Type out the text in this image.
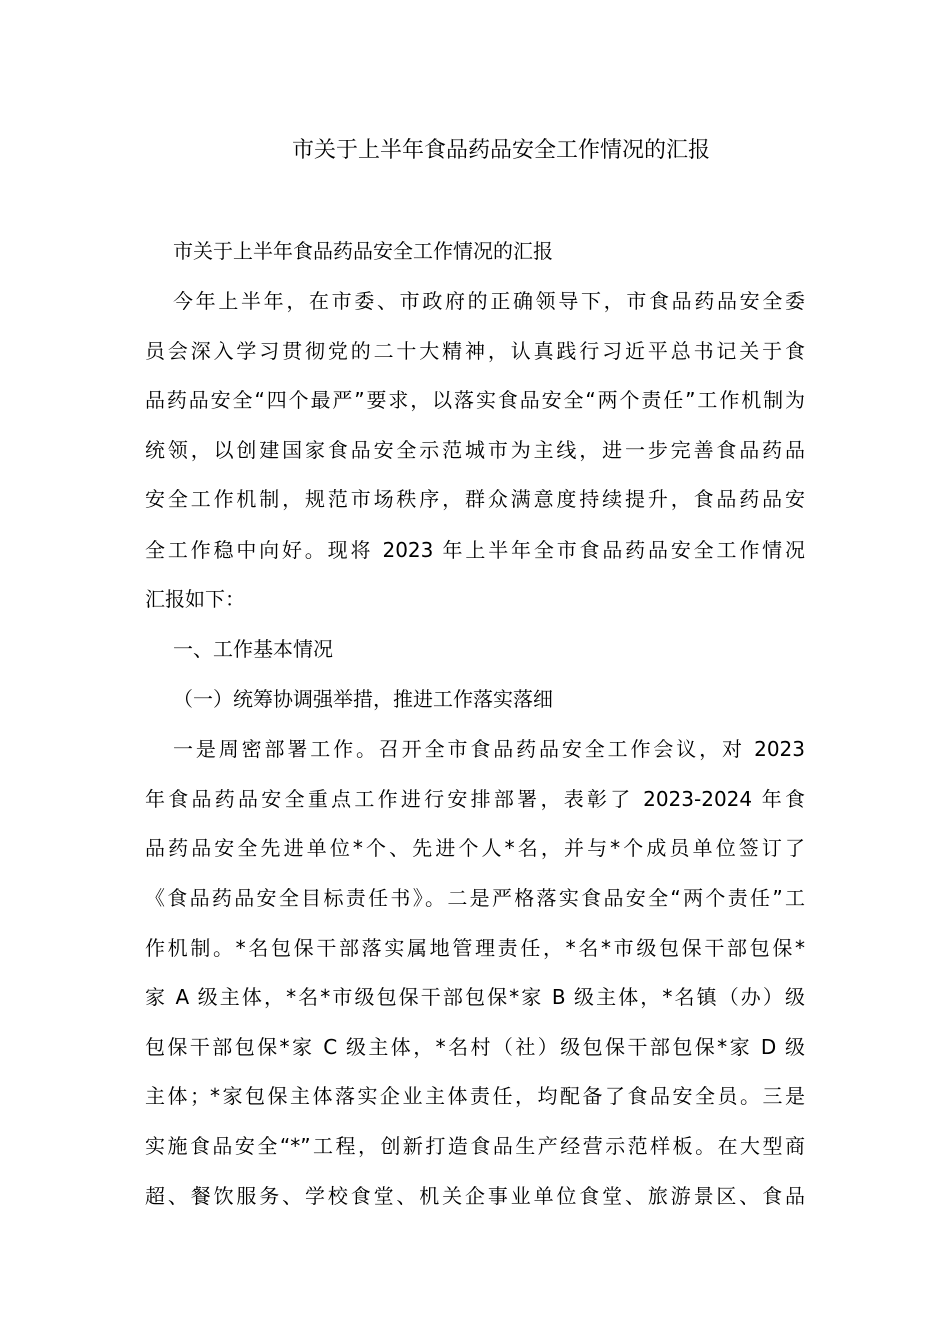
市关于上半年食品药品安全工作情况的汇报
市关于上半年食品药品安全工作情况的汇报
今年上半年，在市委、市政府的正确领导下，市食品药品安全委
员会深入学习贯彻党的二十大精神，认真践行习近平总书记关于食
品药品安全“四个最严”要求，以落实食品安全“两个责任”工作机制为
统领，以创建国家食品安全示范城市为主线，进一步完善食品药品
安全工作机制，规范市场秩序，群众满意度持续提升，食品药品安
全工作稳中向好。现将 2023 年上半年全市食品药品安全工作情况
汇报如下：
一、工作基本情况
（一）统筹协调强举措，推进工作落实落细
一是周密部署工作。召开全市食品药品安全工作会议，对 2023
年食品药品安全重点工作进行安排部署，表彰了 2023-2024 年食
品药品安全先进单位*个、先进个人*名，并与*个成员单位签订了
《食品药品安全目标责任书》。二是严格落实食品安全“两个责任”工
作机制。*名包保干部落实属地管理责任，*名*市级包保干部包保*
家 A 级主体，*名*市级包保干部包保*家 B 级主体，*名镇（办）级
包保干部包保*家 C 级主体，*名村（社）级包保干部包保*家 D 级
主体；*家包保主体落实企业主体责任，均配备了食品安全员。三是
实施食品安全“*”工程，创新打造食品生产经营示范样板。在大型商
超、餐饮服务、学校食堂、机关企事业单位食堂、旅游景区、食品
